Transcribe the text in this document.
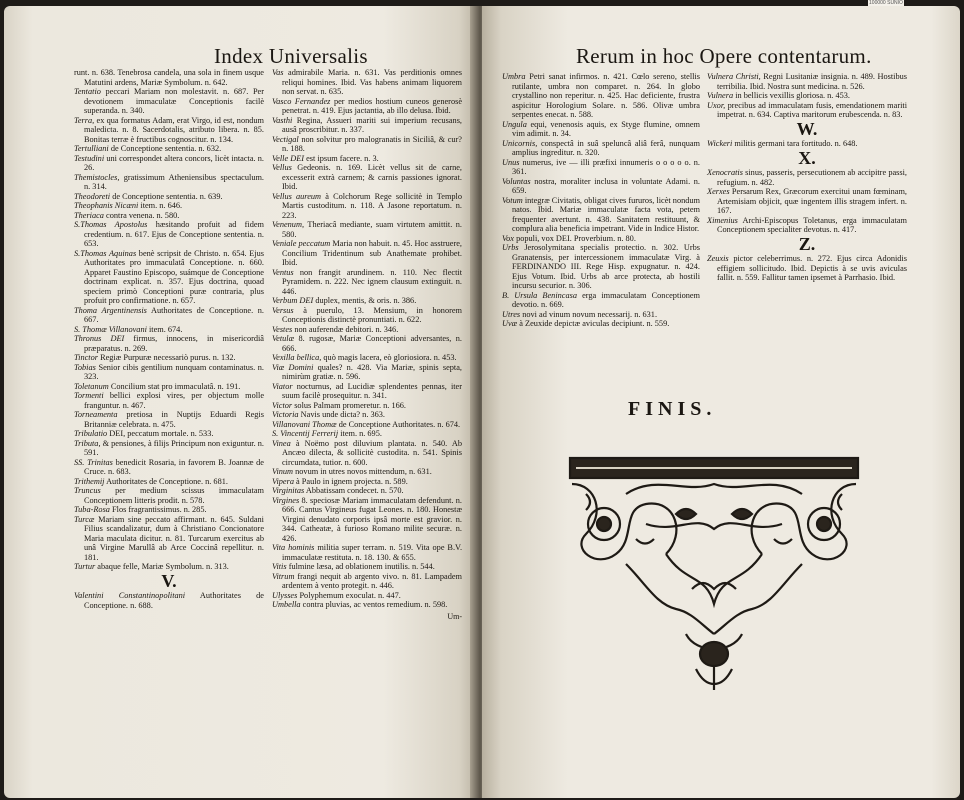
100000 SUNIO
Index Universalis
runt. n. 638. Tenebrosa candela, una sola in finem usque Matutini ardens, Mariæ Symbolum. n. 642.
Tentatio peccari Mariam non molestavit. n. 687. Per devotionem immaculatæ Conceptionis facilè superanda. n. 340.
Terra, ex qua formatus Adam, erat Virgo, id est, nondum maledicta. n. 8. Sacerdotalis, atributo libera. n. 85. Bonitas terræ è fructibus cognoscitur. n. 134.
Tertulliani de Conceptione sententia. n. 632.
Testudini uni correspondet altera concors, licèt intacta. n. 26.
Themistocles, gratissimum Atheniensibus spectaculum. n. 314.
Theodoreti de Conceptione sententia. n. 639.
Theophanis Nicæni item. n. 646.
Theriaca contra venena. n. 580.
S.Thomas Apostolus hæsitando profuit ad fidem credentium. n. 617. Ejus de Conceptione sententia. n. 653.
S.Thomas Aquinas benè scripsit de Christo. n. 654. Ejus Authoritates pro immaculatâ Conceptione. n. 660. Apparet Faustino Episcopo, suámque de Conceptione doctrinam explicat. n. 357. Ejus doctrina, quoad speciem primò Conceptioni puræ contraria, plus profuit pro confirmatione. n. 657.
Thoma Argentinensis Authoritates de Conceptione. n. 667.
S. Thomæ Villanovani item. 674.
Thronus DEI firmus, innocens, in misericordiâ præparatus. n. 269.
Tinctor Regiæ Purpuræ necessariò purus. n. 132.
Tobias Senior cibis gentilium nunquam contaminatus. n. 323.
Toletanum Concilium stat pro immaculatâ. n. 191.
Tormenti bellici explosi vires, per objectum molle franguntur. n. 467.
Torneamenta pretiosa in Nuptijs Eduardi Regis Britanniæ celebrata. n. 475.
Tribulatio DEI, peccatum mortale. n. 533.
Tributa, & pensiones, à filijs Principum non exiguntur. n. 591.
SS. Trinitas benedicit Rosaria, in favorem B. Joannæ de Cruce. n. 683.
Trithemij Authoritates de Conceptione. n. 681.
Truncus per medium scissus immaculatam Conceptionem litteris prodit. n. 578.
Tuba-Rosa Flos fragrantissimus. n. 285.
Turcæ Mariam sine peccato affirmant. n. 645. Suldani Filius scandalizatur, dum à Christiano Concionatore Maria maculata dicitur. n. 81. Turcarum exercitus ab unâ Virgine Marullâ ab Arce Coccinâ repellitur. n. 181.
Turtur abaque felle, Mariæ Symbolum. n. 313.
V.
Valentini Constantinopolitani Authoritates de Conceptione. n. 688.
Vas admirabile Maria. n. 631. Vas perditionis omnes reliqui homines. Ibid. Vas habens animam liquorem non servat. n. 635.
Vasco Fernandez per medios hostium cuneos generosè penetrat. n. 419. Ejus jactantia, ab illo delusa. Ibid.
Vasthi Regina, Assueri mariti sui imperium recusans, ausâ proscribitur. n. 337.
Vectigal non solvitur pro malogranatis in Siciliâ, & cur? n. 188.
Velle DEI est ipsum facere. n. 3.
Vellus Gedeonis. n. 169. Licèt vellus sit de carne, excesserit extrà carnem; & carnis passiones ignorat. Ibid.
Vellus aureum à Colchorum Rege sollicitè in Templo Martis custoditum. n. 118. A Jasone reportatum. n. 223.
Venenum, Theriacâ mediante, suam virtutem amittit. n. 580.
Veniale peccatum Maria non habuit. n. 45. Hoc asstruere, Concilium Tridentinum sub Anathemate prohibet. Ibid.
Ventus non frangit arundinem. n. 110. Nec flectit Pyramidem. n. 222. Nec ignem clausum extinguit. n. 446.
Verbum DEI duplex, mentis, & oris. n. 386.
Versus à puerulo, 13. Mensium, in honorem Conceptionis distinctè pronuntiati. n. 622.
Vestes non auferendæ debitori. n. 346.
Vetulæ 8. rugosæ, Mariæ Conceptioni adversantes, n. 666.
Vexilla bellica, quò magis lacera, eò gloriosiora. n. 453.
Viæ Domini quales? n. 428. Via Mariæ, spinis septa, nimirùm gratiæ. n. 596.
Viator nocturnus, ad Lucidiæ splendentes pennas, iter suum facilè prosequitur. n. 341.
Victor solus Palmam promeretur. n. 166.
Victoria Navis unde dicta? n. 363.
Villanovani Thomæ de Conceptione Authoritates. n. 674.
S. Vincentij Ferrerij item. n. 695.
Vinea à Noëmo post diluvium plantata. n. 540. Ab Ancæo dilecta, & sollicitè custodita. n. 541. Spinis circumdata, tutior. n. 600.
Vinum novum in utres novos mittendum, n. 631.
Vipera à Paulo in ignem projecta. n. 589.
Virginitas Abbatissam condecet. n. 570.
Virgines 8. speciosæ Mariam immaculatam defendunt. n. 666. Cantus Virgineus fugat Leones. n. 180. Honestæ Virgini denudato corporis ipsâ morte est gravior. n. 344. Catheatæ, à furioso Romano milite securæ. n. 426.
Vita hominis militia super terram. n. 519. Vita ope B.V. immaculatæ restituta. n. 18. 130. & 655.
Vitis fulmine læsa, ad oblationem inutilis. n. 544.
Vitrum frangi nequit ab argento vivo. n. 81. Lampadem ardentem à vento protegit. n. 446.
Ulysses Polyphemum exoculat. n. 447.
Umbella contra pluvias, ac ventos remedium. n. 598.
Um-
Rerum in hoc Opere contentarum.
Umbra Petri sanat infirmos. n. 421. Cœlo sereno, stellis rutilante, umbra non comparet. n. 264. In globo crystallino non reperitur. n. 425. Hac deficiente, frustra aspicitur Horologium Solare. n. 586. Olivæ umbra serpentes enecat. n. 588.
Ungula equi, venenosis aquis, ex Styge flumine, omnem vim adimit. n. 34.
Unicornis, conspectâ in suâ speluncâ aliâ ferâ, nunquam amplius ingreditur. n. 320.
Unus numerus, ive — illi præfixi innumeris o o o o o. n. 361.
Voluntas nostra, moraliter inclusa in voluntate Adami. n. 659.
Votum integræ Civitatis, obligat cives fururos, licèt nondum natos. Ibid. Mariæ immaculatæ facta vota, petem frequenter avertunt. n. 438. Sanitatem restituunt, & complura alia beneficia impetrant. Vide in Indice Histor.
Vox populi, vox DEI. Proverbium. n. 80.
Urbs Jerosolymitana specialis protectio. n. 302. Urbs Granatensis, per intercessionem immaculatæ Virg. à FERDINANDO III. Rege Hisp. expugnatur. n. 424. Ejus Votum. Ibid. Urbs ab arce protecta, ab hostili incursu securior. n. 306.
B. Ursula Benincasa erga immaculatam Conceptionem devotio. n. 669.
Utres novi ad vinum novum necessarij. n. 631.
Uvæ à Zeuxide depictæ aviculas decipiunt. n. 559.
Vulnera Christi, Regni Lusitaniæ insignia. n. 489. Hostibus terribilia. Ibid. Nostra sunt medicina. n. 526.
Vulnera in bellicis vexillis gloriosa. n. 453.
Uxor, precibus ad immaculatam fusis, emendationem mariti impetrat. n. 634. Captiva maritorum erubescenda. n. 83.
W.
Wickeri militis germani tara fortitudo. n. 648.
X.
Xenocratis sinus, passeris, persecutionem ab accipitre passi, refugium. n. 482.
Xerxes Persarum Rex, Græcorum exercitui unam fœminam, Artemisiam objicit, quæ ingentem illis stragem infert. n. 167.
Ximenius Archi-Episcopus Toletanus, erga immaculatam Conceptionem specialiter devotus. n. 417.
Z.
Zeuxis pictor celeberrimus. n. 272. Ejus circa Adonidis effigiem sollicitudo. Ibid. Depictis à se uvis aviculas fallit. n. 559. Fallitur tamen ipsemet à Parrhasio. Ibid.
FINIS.
